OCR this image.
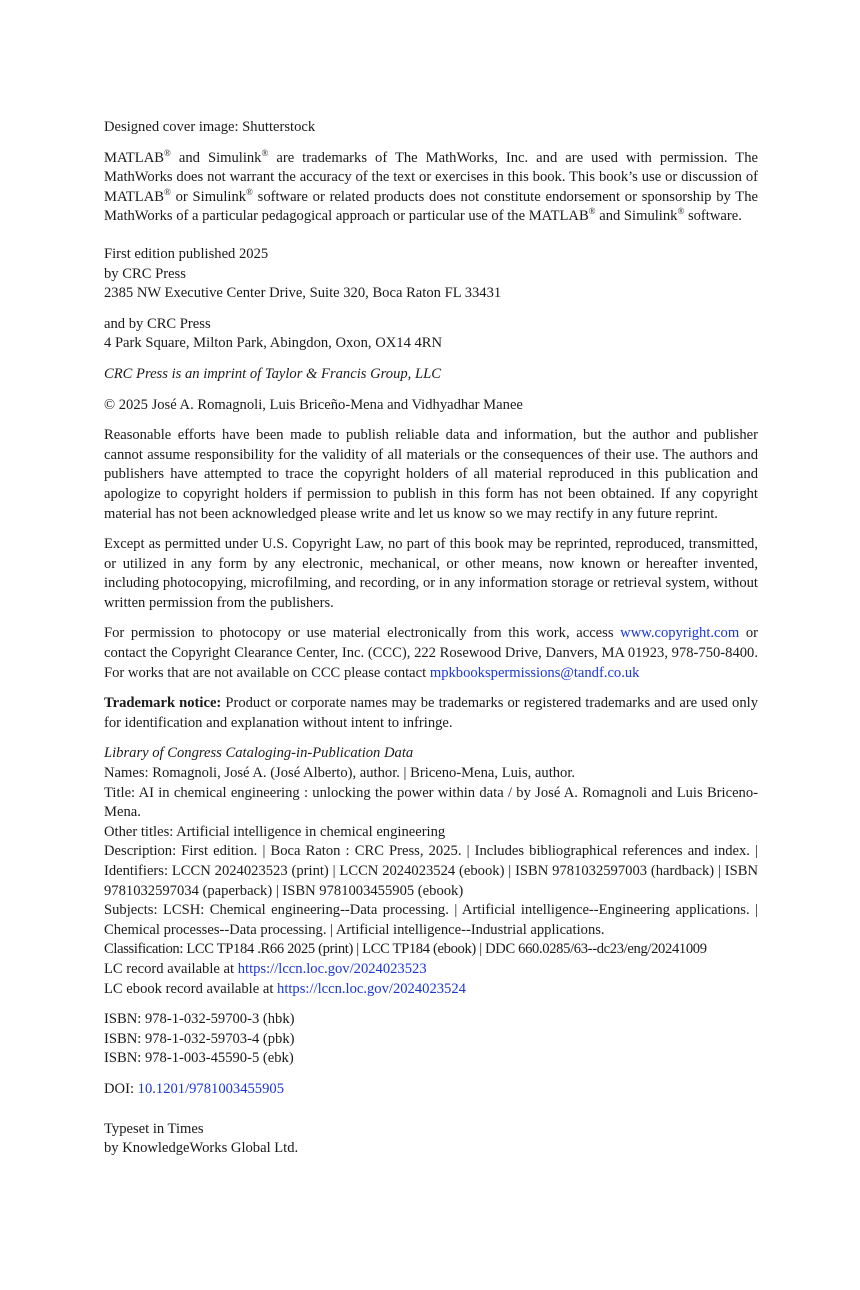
Designed cover image: Shutterstock

MATLAB® and Simulink® are trademarks of The MathWorks, Inc. and are used with permission. The MathWorks does not warrant the accuracy of the text or exercises in this book. This book’s use or discussion of MATLAB® or Simulink® software or related products does not constitute endorsement or sponsorship by The MathWorks of a particular pedagogical approach or particular use of the MATLAB® and Simulink® software.

First edition published 2025
by CRC Press
2385 NW Executive Center Drive, Suite 320, Boca Raton FL 33431
and by CRC Press
4 Park Square, Milton Park, Abingdon, Oxon, OX14 4RN

CRC Press is an imprint of Taylor & Francis Group, LLC

© 2025 José A. Romagnoli, Luis Briceño-Mena and Vidhyadhar Manee

Reasonable efforts have been made to publish reliable data and information, but the author and publisher cannot assume responsibility for the validity of all materials or the consequences of their use. The authors and publishers have attempted to trace the copyright holders of all material reproduced in this publication and apologize to copyright holders if permission to publish in this form has not been obtained. If any copyright material has not been acknowledged please write and let us know so we may rectify in any future reprint.

Except as permitted under U.S. Copyright Law, no part of this book may be reprinted, reproduced, transmitted, or utilized in any form by any electronic, mechanical, or other means, now known or hereafter invented, including photocopying, microfilming, and recording, or in any information storage or retrieval system, without written permission from the publishers.

For permission to photocopy or use material electronically from this work, access www.copyright.com or contact the Copyright Clearance Center, Inc. (CCC), 222 Rosewood Drive, Danvers, MA 01923, 978-750-8400. For works that are not available on CCC please contact mpkbookspermissions@tandf.co.uk

Trademark notice: Product or corporate names may be trademarks or registered trademarks and are used only for identification and explanation without intent to infringe.

Library of Congress Cataloging-in-Publication Data
Names: Romagnoli, José A. (José Alberto), author. | Briceno-Mena, Luis, author.
Title: AI in chemical engineering : unlocking the power within data / by José A. Romagnoli and Luis Briceno-Mena.
Other titles: Artificial intelligence in chemical engineering
Description: First edition. | Boca Raton : CRC Press, 2025. | Includes bibliographical references and index. | Identifiers: LCCN 2024023523 (print) | LCCN 2024023524 (ebook) | ISBN 9781032597003 (hardback) | ISBN 9781032597034 (paperback) | ISBN 9781003455905 (ebook)
Subjects: LCSH: Chemical engineering--Data processing. | Artificial intelligence--Engineering applications. | Chemical processes--Data processing. | Artificial intelligence--Industrial applications.
Classification: LCC TP184 .R66 2025 (print) | LCC TP184 (ebook) | DDC 660.0285/63--dc23/eng/20241009
LC record available at https://lccn.loc.gov/2024023523
LC ebook record available at https://lccn.loc.gov/2024023524
ISBN: 978-1-032-59700-3 (hbk)
ISBN: 978-1-032-59703-4 (pbk)
ISBN: 978-1-003-45590-5 (ebk)

DOI: 10.1201/9781003455905

Typeset in Times
by KnowledgeWorks Global Ltd.
